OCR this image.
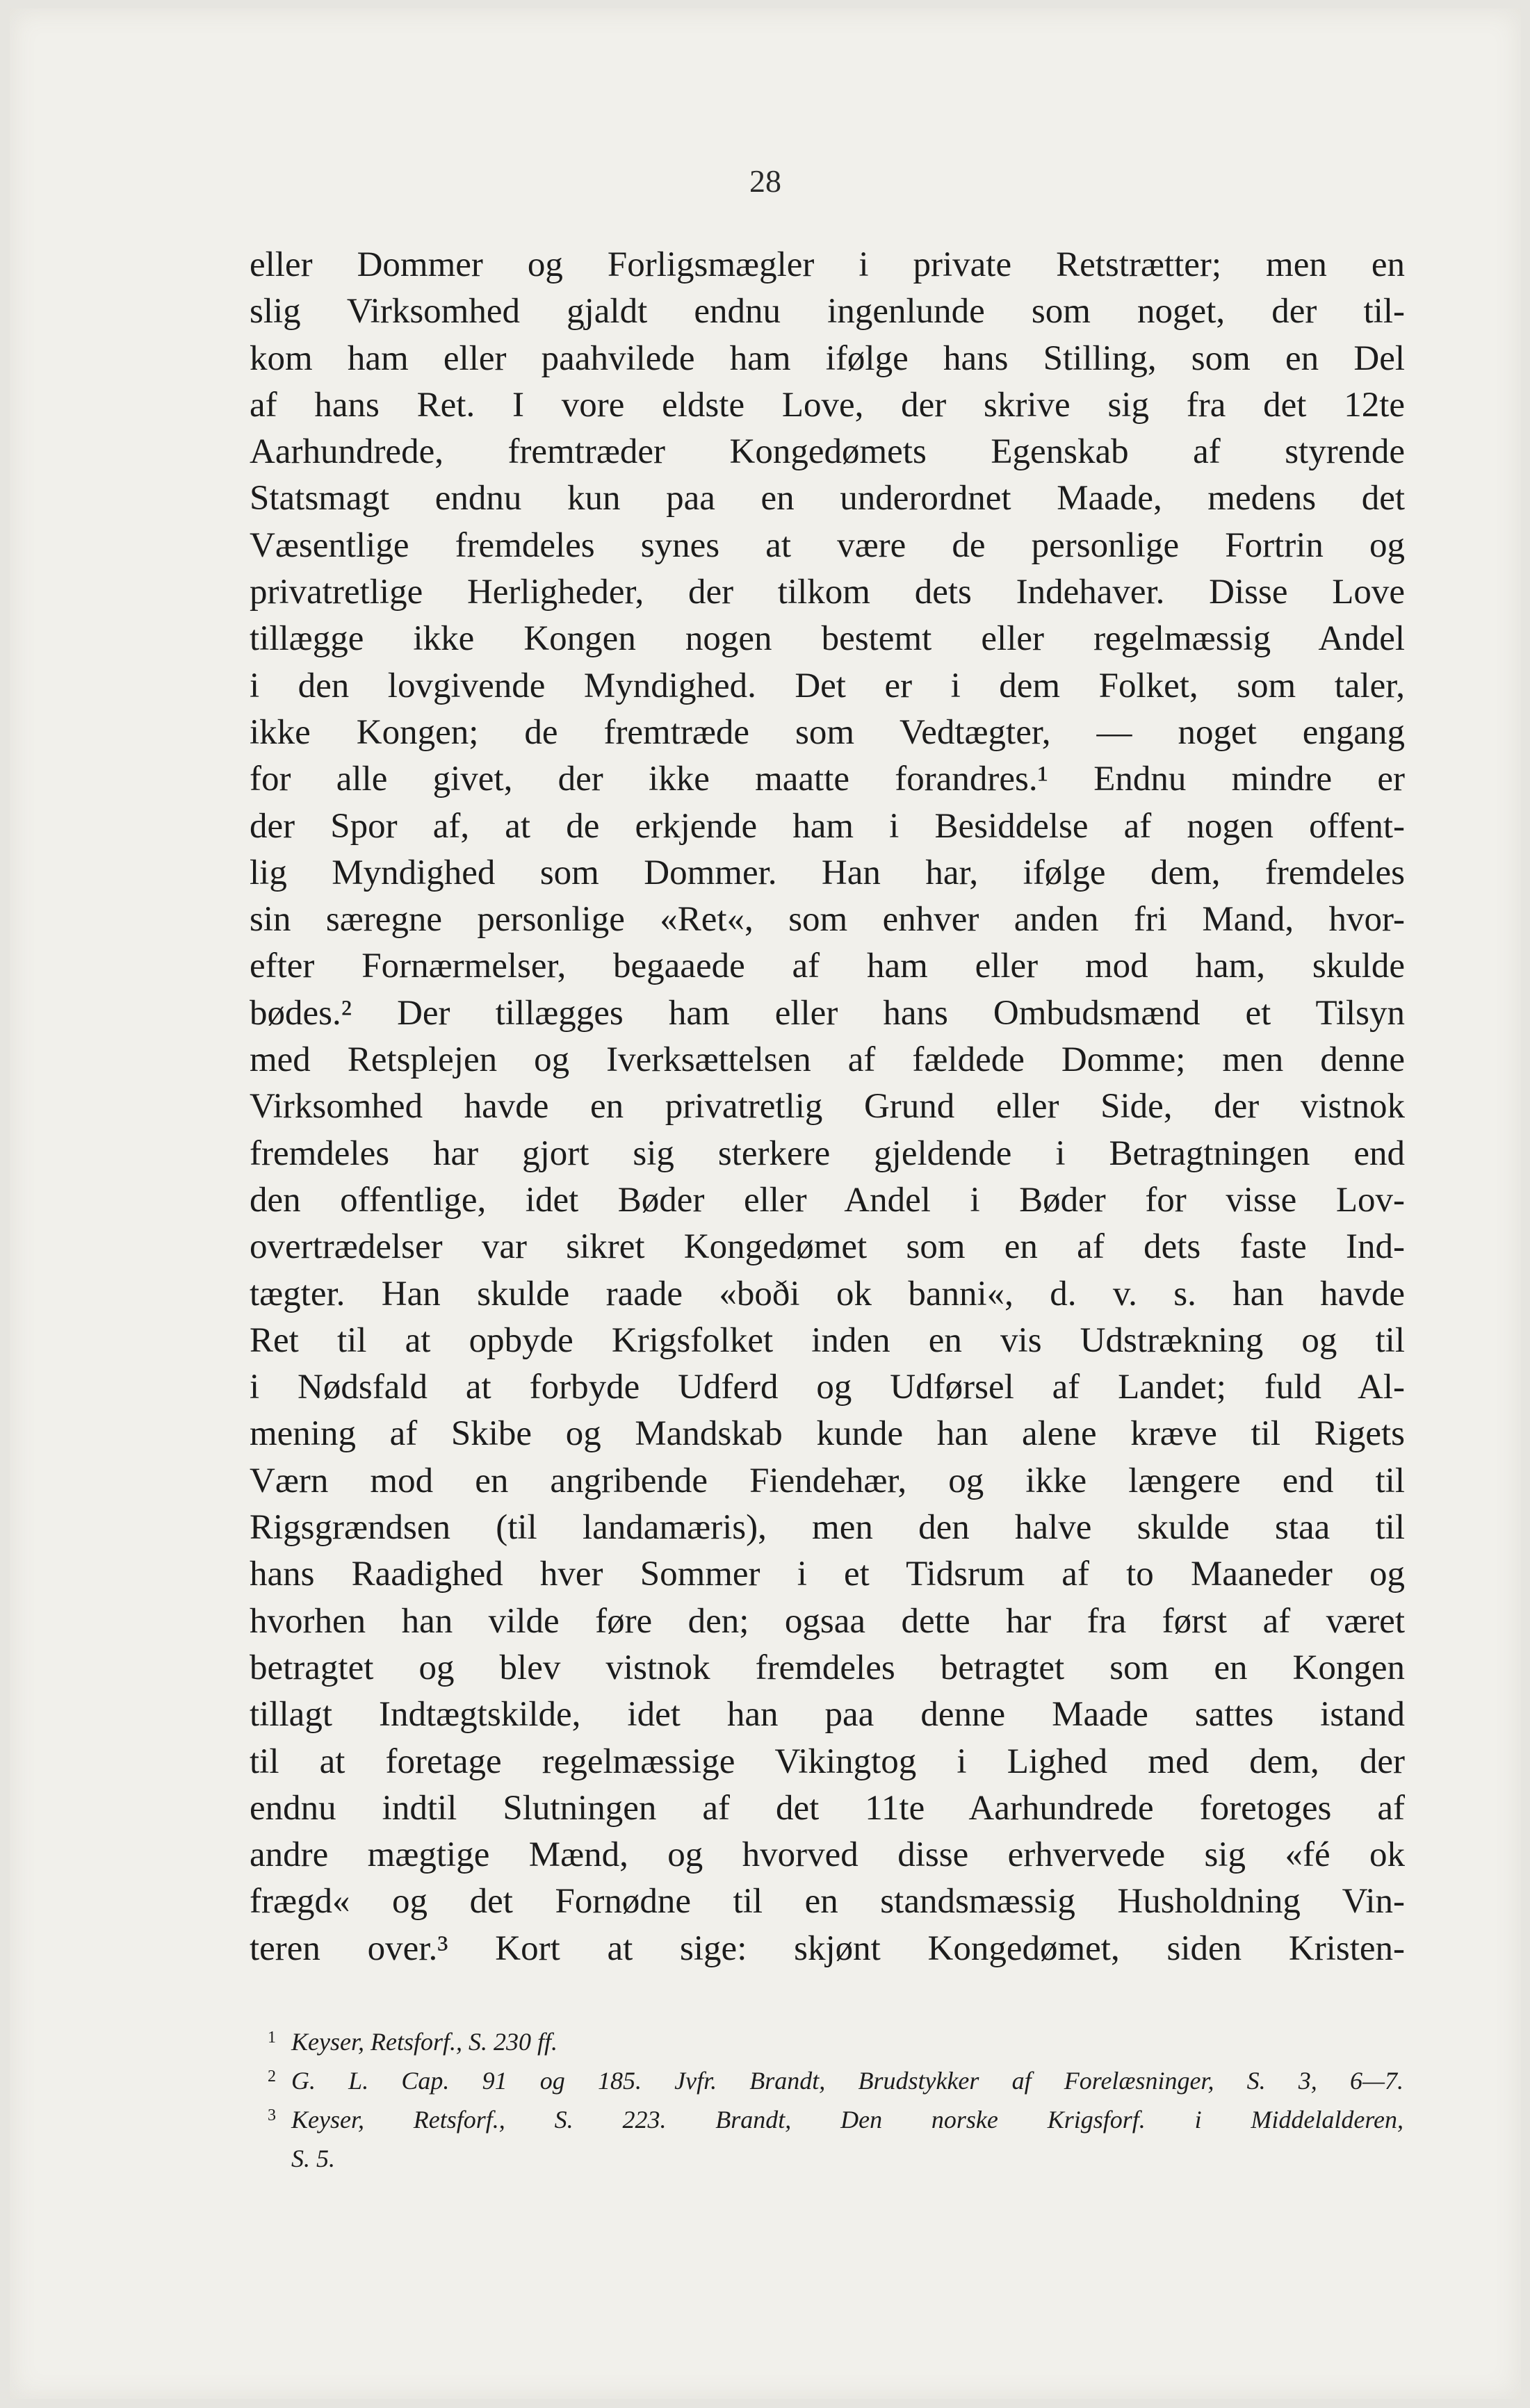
28
eller Dommer og Forligsmægler i private Retstrætter; men en
slig Virksomhed gjaldt endnu ingenlunde som noget, der til-
kom ham eller paahvilede ham ifølge hans Stilling, som en Del
af hans Ret. I vore eldste Love, der skrive sig fra det 12te
Aarhundrede, fremtræder Kongedømets Egenskab af styrende
Statsmagt endnu kun paa en underordnet Maade, medens det
Væsentlige fremdeles synes at være de personlige Fortrin og
privatretlige Herligheder, der tilkom dets Indehaver. Disse Love
tillægge ikke Kongen nogen bestemt eller regelmæssig Andel
i den lovgivende Myndighed. Det er i dem Folket, som taler,
ikke Kongen; de fremtræde som Vedtægter, — noget engang
for alle givet, der ikke maatte forandres.¹ Endnu mindre er
der Spor af, at de erkjende ham i Besiddelse af nogen offent-
lig Myndighed som Dommer. Han har, ifølge dem, fremdeles
sin særegne personlige «Ret«, som enhver anden fri Mand, hvor-
efter Fornærmelser, begaaede af ham eller mod ham, skulde
bødes.² Der tillægges ham eller hans Ombudsmænd et Tilsyn
med Retsplejen og Iverksættelsen af fældede Domme; men denne
Virksomhed havde en privatretlig Grund eller Side, der vistnok
fremdeles har gjort sig sterkere gjeldende i Betragtningen end
den offentlige, idet Bøder eller Andel i Bøder for visse Lov-
overtrædelser var sikret Kongedømet som en af dets faste Ind-
tægter. Han skulde raade «boði ok banni«, d. v. s. han havde
Ret til at opbyde Krigsfolket inden en vis Udstrækning og til
i Nødsfald at forbyde Udferd og Udførsel af Landet; fuld Al-
mening af Skibe og Mandskab kunde han alene kræve til Rigets
Værn mod en angribende Fiendehær, og ikke længere end til
Rigsgrændsen (til landamæris), men den halve skulde staa til
hans Raadighed hver Sommer i et Tidsrum af to Maaneder og
hvorhen han vilde føre den; ogsaa dette har fra først af været
betragtet og blev vistnok fremdeles betragtet som en Kongen
tillagt Indtægtskilde, idet han paa denne Maade sattes istand
til at foretage regelmæssige Vikingtog i Lighed med dem, der
endnu indtil Slutningen af det 11te Aarhundrede foretoges af
andre mægtige Mænd, og hvorved disse erhvervede sig «fé ok
frægd« og det Fornødne til en standsmæssig Husholdning Vin-
teren over.³ Kort at sige: skjønt Kongedømet, siden Kristen-
1 Keyser, Retsforf., S. 230 ff.
2 G. L. Cap. 91 og 185. Jvfr. Brandt, Brudstykker af Forelæsninger, S. 3, 6—7.
3 Keyser, Retsforf., S. 223. Brandt, Den norske Krigsforf. i Middelalderen,
S. 5.
